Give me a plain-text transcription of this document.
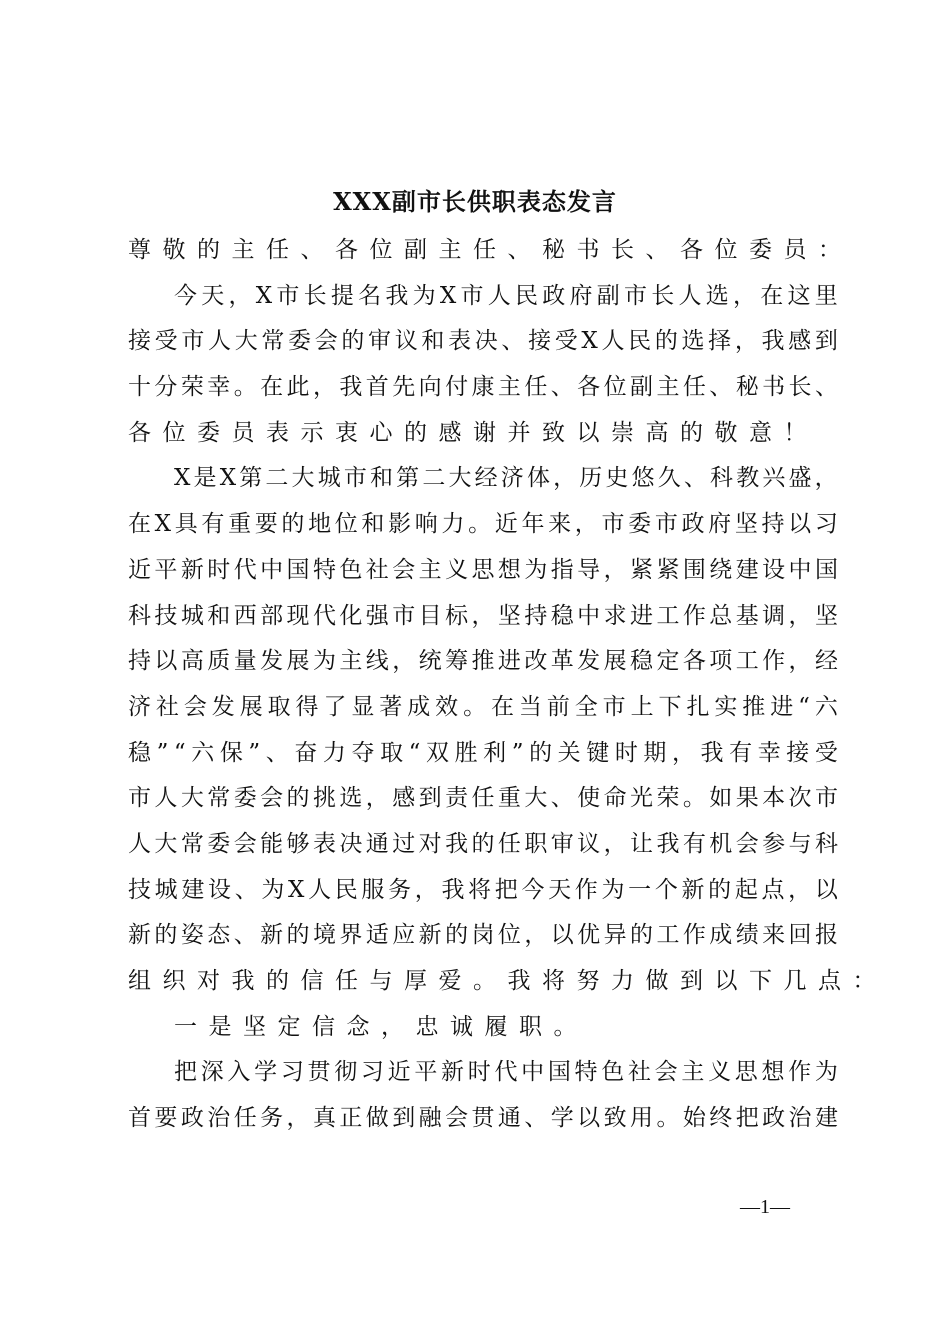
XXX副市长供职表态发言
尊敬的主任、各位副主任、秘书长、各位委员：
今 天 ， X 市 长 提 名 我 为 X 市 人 民 政 府 副 市 长 人 选 ， 在 这 里
接 受 市 人 大 常 委 会 的 审 议 和 表 决 、 接 受 X 人 民 的 选 择 ， 我 感 到
十 分 荣 幸 。 在 此 ， 我 首 先 向 付 康 主 任 、 各 位 副 主 任 、 秘 书 长 、
各位委员表示衷心的感谢并致以崇高的敬意！
X 是 X 第 二 大 城 市 和 第 二 大 经 济 体 ， 历 史 悠 久 、 科 教 兴 盛 ，
在 X 具 有 重 要 的 地 位 和 影 响 力 。 近 年 来 ， 市 委 市 政 府 坚 持 以 习
近 平 新 时 代 中 国 特 色 社 会 主 义 思 想 为 指 导 ， 紧 紧 围 绕 建 设 中 国
科 技 城 和 西 部 现 代 化 强 市 目 标 ， 坚 持 稳 中 求 进 工 作 总 基 调 ， 坚
持 以 高 质 量 发 展 为 主 线 ， 统 筹 推 进 改 革 发 展 稳 定 各 项 工 作 ， 经
济 社 会 发 展 取 得 了 显 著 成 效 。 在 当 前 全 市 上 下 扎 实 推 进 “ 六
稳 ” “ 六 保 ” 、 奋 力 夺 取 “ 双 胜 利 ” 的 关 键 时 期 ， 我 有 幸 接 受
市 人 大 常 委 会 的 挑 选 ， 感 到 责 任 重 大 、 使 命 光 荣 。 如 果 本 次 市
人 大 常 委 会 能 够 表 决 通 过 对 我 的 任 职 审 议 ， 让 我 有 机 会 参 与 科
技 城 建 设 、 为 X 人 民 服 务 ， 我 将 把 今 天 作 为 一 个 新 的 起 点 ， 以
新 的 姿 态 、 新 的 境 界 适 应 新 的 岗 位 ， 以 优 异 的 工 作 成 绩 来 回 报
组织对我的信任与厚爱。我将努力做到以下几点：
一是坚定信念，忠诚履职。
把 深 入 学 习 贯 彻 习 近 平 新 时 代 中 国 特 色 社 会 主 义 思 想 作 为
首 要 政 治 任 务 ， 真 正 做 到 融 会 贯 通 、 学 以 致 用 。 始 终 把 政 治 建
—1—
